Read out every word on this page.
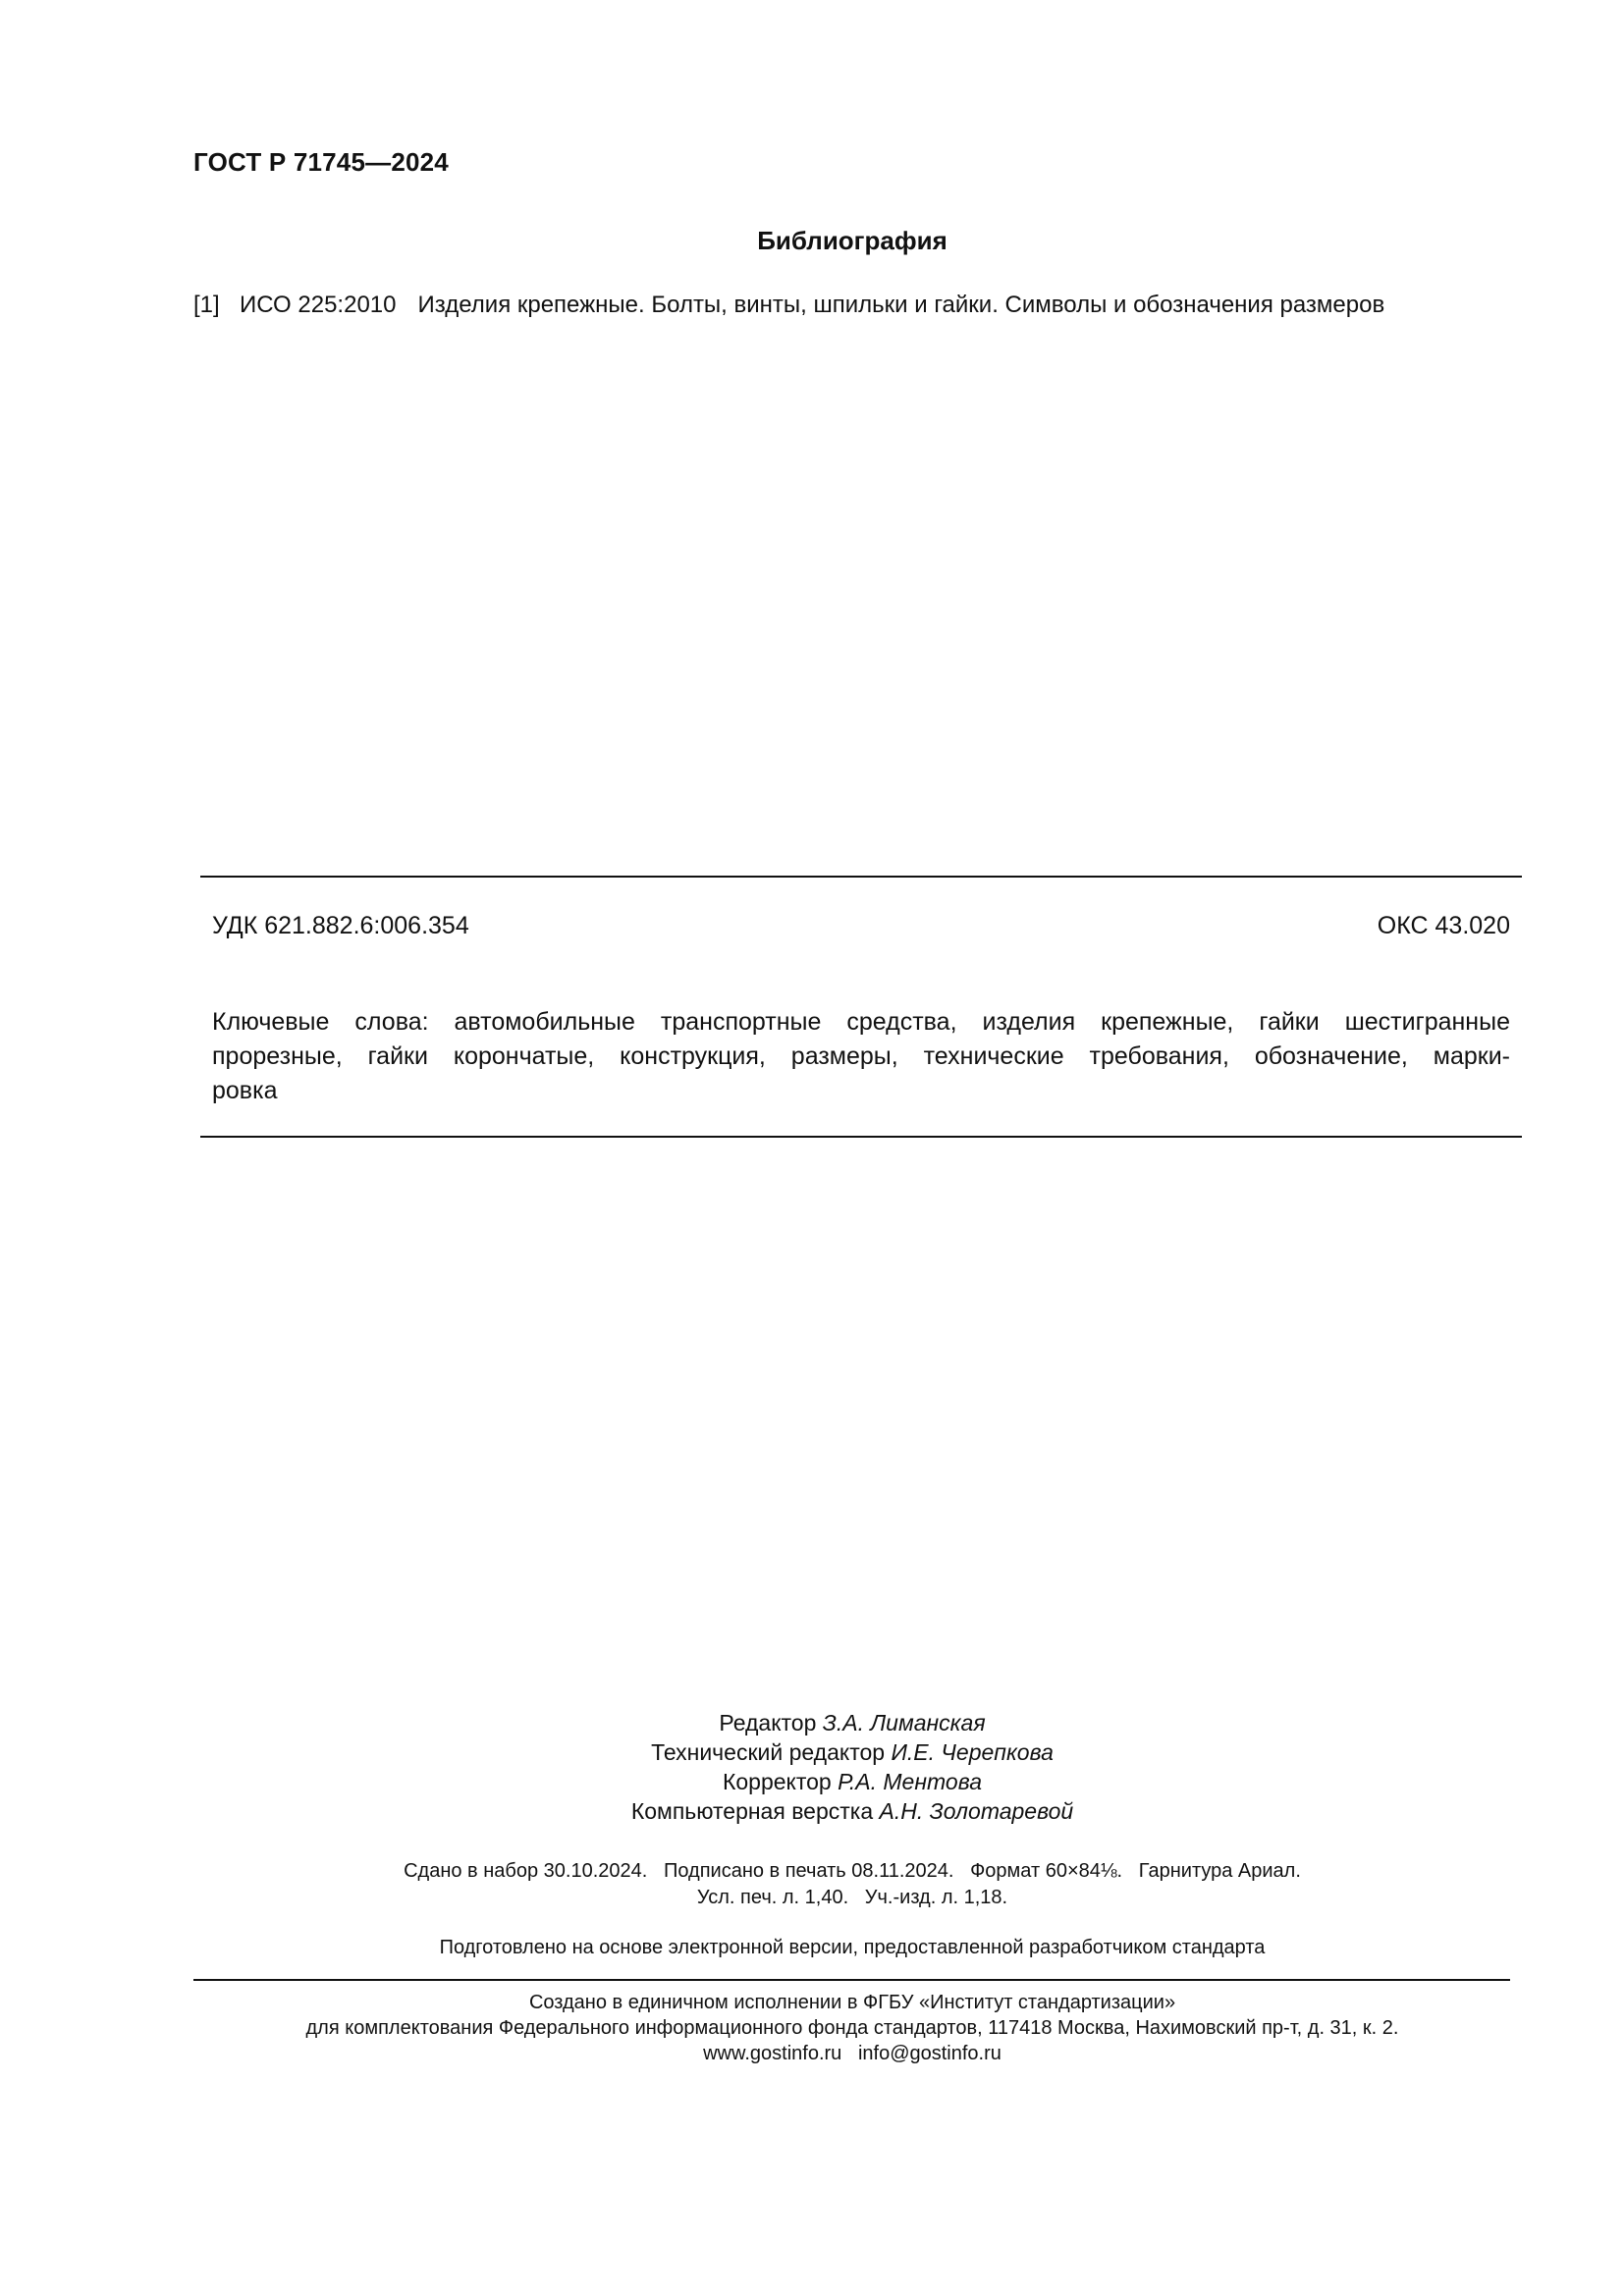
ГОСТ Р 71745—2024
Библиография
[1] ИСО 225:2010 Изделия крепежные. Болты, винты, шпильки и гайки. Символы и обозначения размеров
УДК 621.882.6:006.354	ОКС 43.020
Ключевые слова: автомобильные транспортные средства, изделия крепежные, гайки шестигранные
прорезные, гайки корончатые, конструкция, размеры, технические требования, обозначение, марки-
ровка
Редактор З.А. Лиманская
Технический редактор И.Е. Черепкова
Корректор Р.А. Ментова
Компьютерная верстка А.Н. Золотаревой
Сдано в набор 30.10.2024.   Подписано в печать 08.11.2024.   Формат 60×84⅛.   Гарнитура Ариал.
Усл. печ. л. 1,40.   Уч.-изд. л. 1,18.
Подготовлено на основе электронной версии, предоставленной разработчиком стандарта
Создано в единичном исполнении в ФГБУ «Институт стандартизации»
для комплектования Федерального информационного фонда стандартов, 117418 Москва, Нахимовский пр-т, д. 31, к. 2.
www.gostinfo.ru   info@gostinfo.ru
